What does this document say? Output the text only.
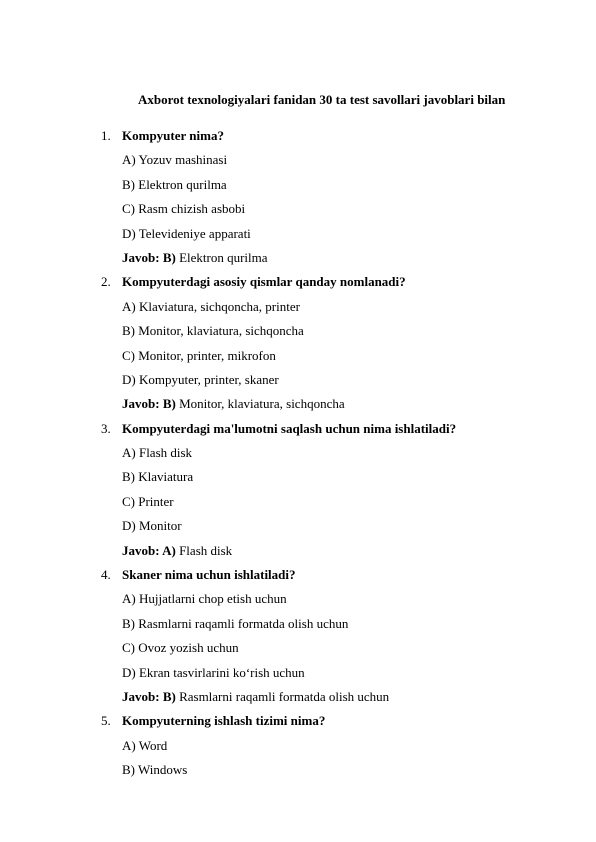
Axborot texnologiyalari fanidan 30 ta test savollari javoblari bilan
1. Kompyuter nima?
A) Yozuv mashinasi
B) Elektron qurilma
C) Rasm chizish asbobi
D) Televideniye apparati
Javob: B) Elektron qurilma
2. Kompyuterdagi asosiy qismlar qanday nomlanadi?
A) Klaviatura, sichqoncha, printer
B) Monitor, klaviatura, sichqoncha
C) Monitor, printer, mikrofon
D) Kompyuter, printer, skaner
Javob: B) Monitor, klaviatura, sichqoncha
3. Kompyuterdagi ma'lumotni saqlash uchun nima ishlatiladi?
A) Flash disk
B) Klaviatura
C) Printer
D) Monitor
Javob: A) Flash disk
4. Skaner nima uchun ishlatiladi?
A) Hujjatlarni chop etish uchun
B) Rasmlarni raqamli formatda olish uchun
C) Ovoz yozish uchun
D) Ekran tasvirlarini ko‘rish uchun
Javob: B) Rasmlarni raqamli formatda olish uchun
5. Kompyuterning ishlash tizimi nima?
A) Word
B) Windows
